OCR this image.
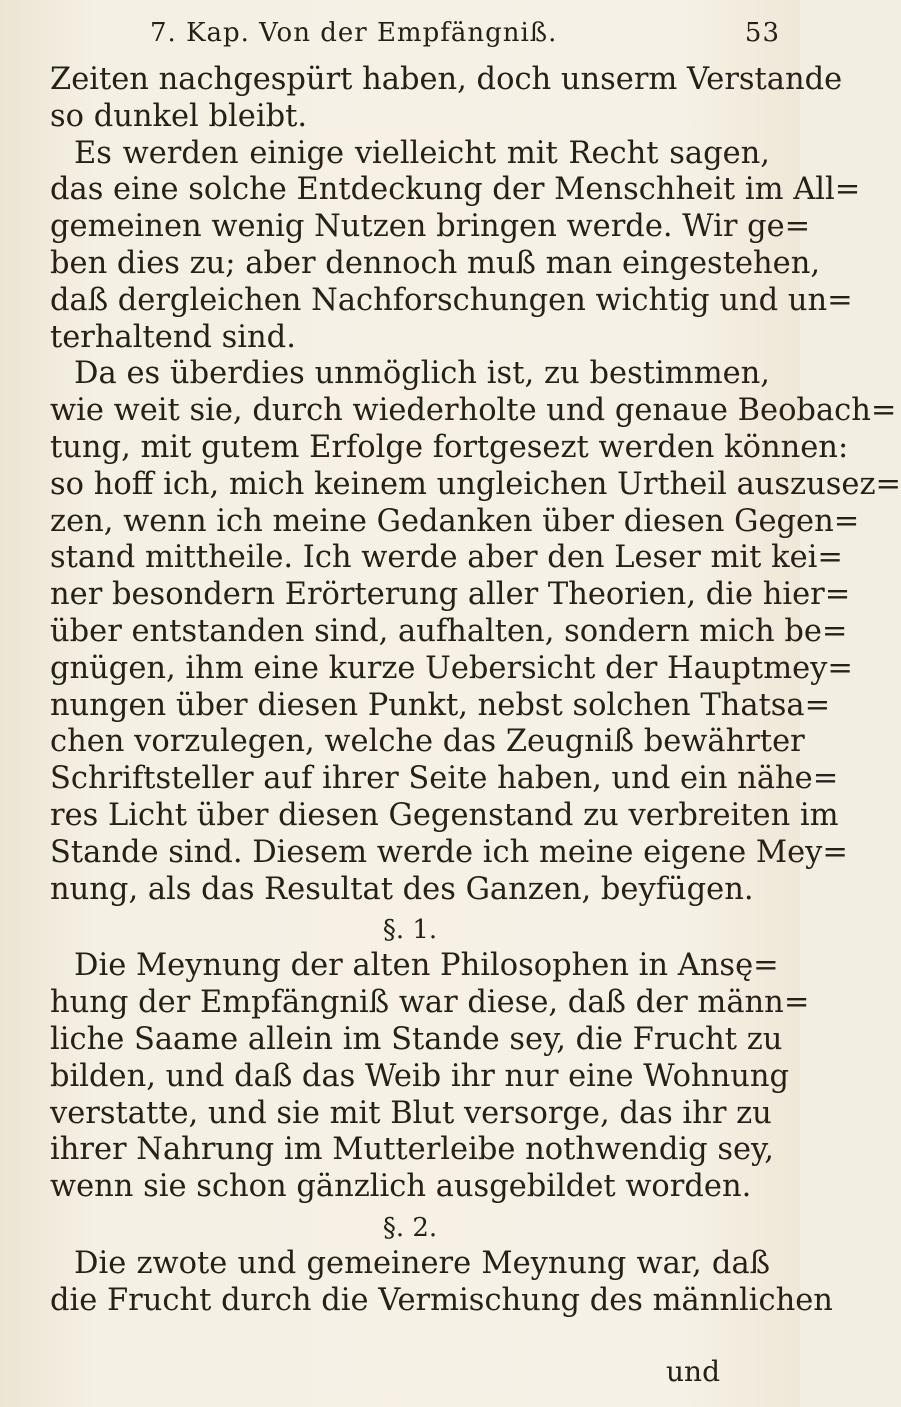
7. Kap. Von der Empfängniß.	53

Zeiten nachgespürt haben, doch unserm Verstande
so dunkel bleibt.

Es werden einige vielleicht mit Recht sagen,

das eine solche Entdeckung der Menschheit im All=
gemeinen wenig Nutzen bringen werde. Wir ge=
ben dies zu; aber dennoch muß man eingestehen,
daß dergleichen Nachforschungen wichtig und un=
terhaltend sind.

Da es überdies unmöglich ist, zu bestimmen,

wie weit sie, durch wiederholte und genaue Beobach=
tung, mit gutem Erfolge fortgesezt werden können:
so hoff ich, mich keinem ungleichen Urtheil auszusez=
zen, wenn ich meine Gedanken über diesen Gegen=
stand mittheile. Ich werde aber den Leser mit kei=
ner besondern Erörterung aller Theorien, die hier=
über entstanden sind, aufhalten, sondern mich be=
gnügen, ihm eine kurze Uebersicht der Hauptmey=
nungen über diesen Punkt, nebst solchen Thatsa=
chen vorzulegen, welche das Zeugniß bewährter
Schriftsteller auf ihrer Seite haben, und ein nähe=
res Licht über diesen Gegenstand zu verbreiten im
Stande sind. Diesem werde ich meine eigene Mey=
nung, als das Resultat des Ganzen, beyfügen.

§. 1.

Die Meynung der alten Philosophen in Ansę=

hung der Empfängniß war diese, daß der männ=
liche Saame allein im Stande sey, die Frucht zu
bilden, und daß das Weib ihr nur eine Wohnung
verstatte, und sie mit Blut versorge, das ihr zu
ihrer Nahrung im Mutterleibe nothwendig sey,
wenn sie schon gänzlich ausgebildet worden.

§. 2.

Die zwote und gemeinere Meynung war, daß

die Frucht durch die Vermischung des männlichen

und
